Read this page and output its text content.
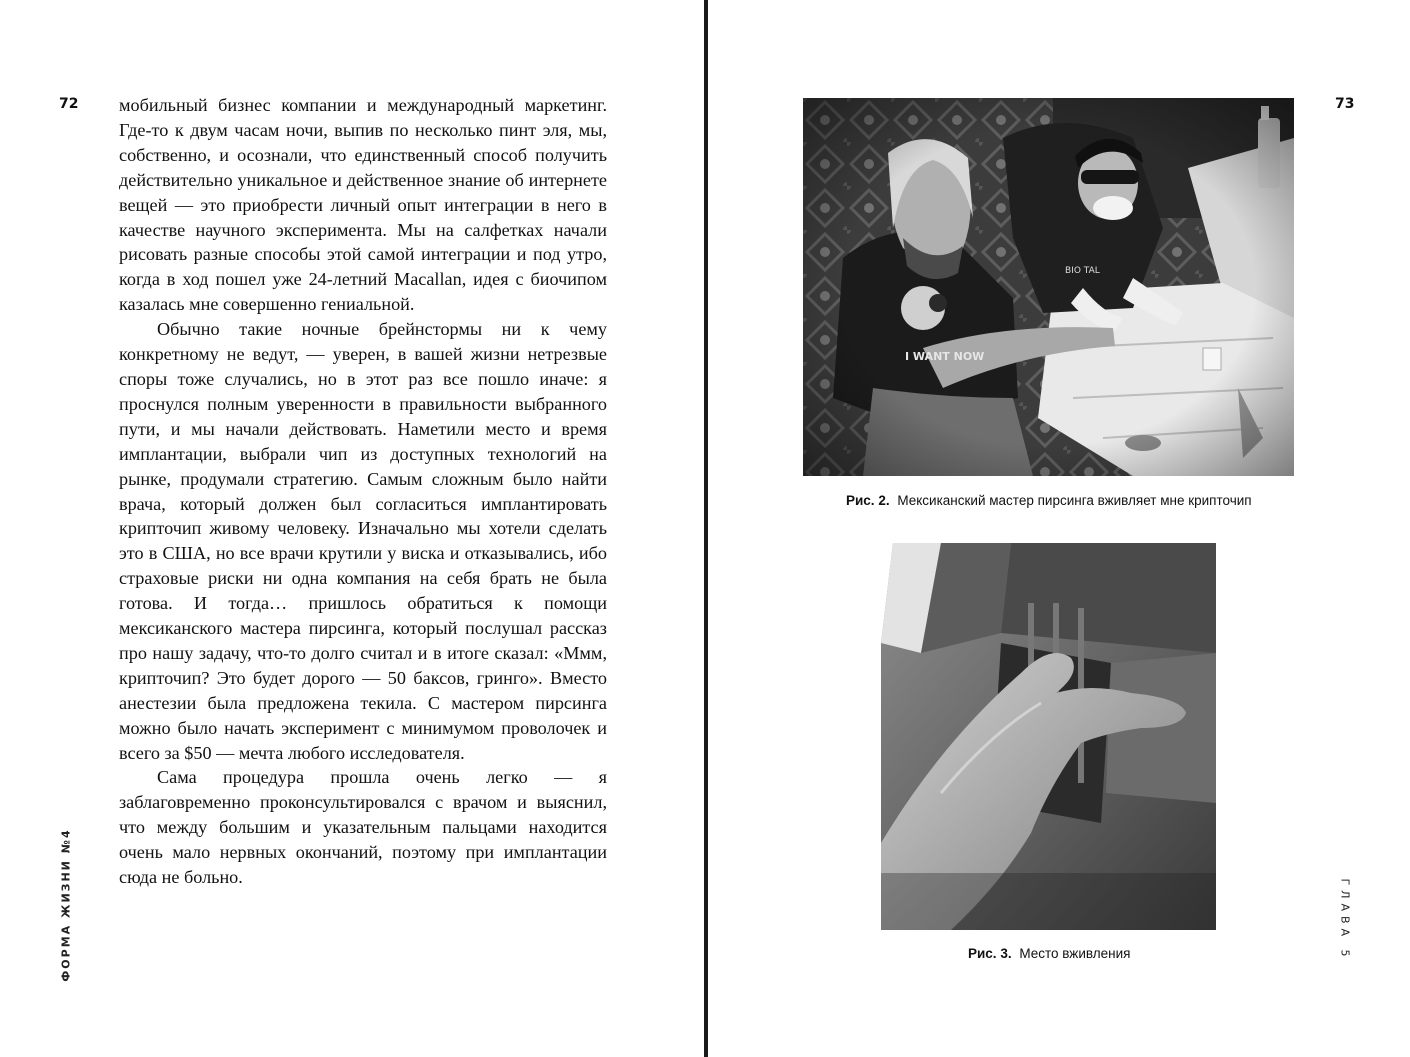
72 мобильный бизнес компании и международный маркетинг. Где-то к двум часам ночи, выпив по несколько пинт эля, мы, собственно, и осознали, что единственный способ получить действительно уникальное и действенное знание об интернете вещей — это приобрести личный опыт интеграции в него в качестве научного эксперимента. Мы на салфетках начали рисовать разные способы этой самой интеграции и под утро, когда в ход пошел уже 24-летний Macallan, идея с биочипом казалась мне совершенно гениальной.

Обычно такие ночные брейнстормы ни к чему конкретному не ведут, — уверен, в вашей жизни нетрезвые споры тоже случались, но в этот раз все пошло иначе: я проснулся полным уверенности в правильности выбранного пути, и мы начали действовать. Наметили место и время имплантации, выбрали чип из доступных технологий на рынке, продумали стратегию. Самым сложным было найти врача, который должен был согласиться имплантировать крипточип живому человеку. Изначально мы хотели сделать это в США, но все врачи крутили у виска и отказывались, ибо страховые риски ни одна компания на себя брать не была готова. И тогда… пришлось обратиться к помощи мексиканского мастера пирсинга, который послушал рассказ про нашу задачу, что-то долго считал и в итоге сказал: «Ммм, крипточип? Это будет дорого — 50 баксов, гринго». Вместо анестезии была предложена текила. С мастером пирсинга можно было начать эксперимент с минимумом проволочек и всего за $50 — мечта любого исследователя.

Сама процедура прошла очень легко — я заблаговременно проконсультировался с врачом и выяснил, что между большим и указательным пальцами находится очень мало нервных окончаний, поэтому при имплантации сюда не больно.

ФОРМА ЖИЗНИ №4
73
Рис. 2. Мексиканский мастер пирсинга вживляет мне крипточип
Рис. 3. Место вживления	ГЛАВА 5
